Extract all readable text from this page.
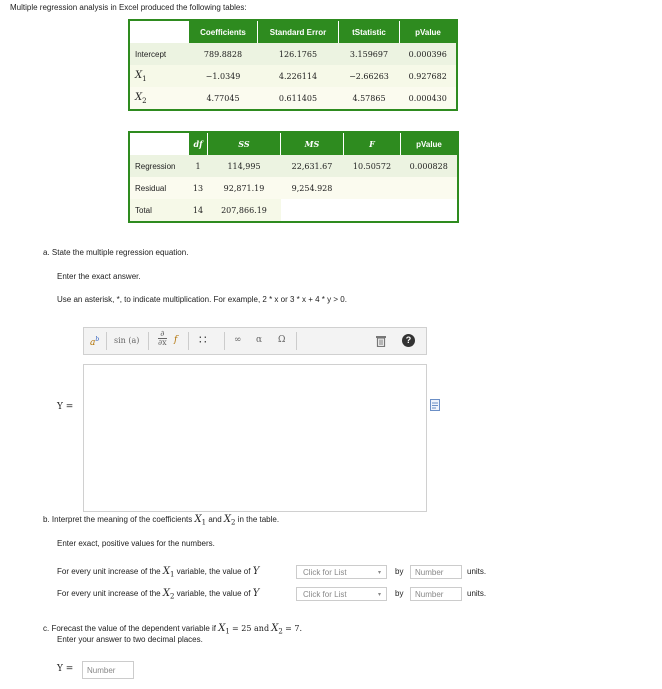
Multiple regression analysis in Excel produced the following tables:
	Coefficients	Standard Error	tStatistic	pValue
Intercept	789.8828	126.1765	3.159697	0.000396
$X_1$	−1.0349	4.226114	−2.66263	0.927682
$X_2$	4.77045	0.611405	4.57865	0.000430
	df	SS	MS	F	pValue
Regression	1	114,995	22,631.67	10.50572	0.000828
Residual	13	92,871.19	9,254.928		
Total	14	207,866.19			
a. State the multiple regression equation.
Enter the exact answer.
Use an asterisk, *, to indicate multiplication. For example, 2 * x or 3 * x + 4 * y > 0.
$a^b$ sin (a)
∂
∂x f ∷	∞ α Ω	?
Y =
b. Interpret the meaning of the coefficients $X_1$ and $X_2$ in the table.
Enter exact, positive values for the numbers.
For every unit increase of the $X_1$ variable, the value of Y	Click for List	▾ by	Number	units.
For every unit increase of the $X_2$ variable, the value of Y	Click for List	▾ by	Number	units.
c. Forecast the value of the dependent variable if $X_1 = 25$ and $X_2 = 7$.
Enter your answer to two decimal places.
Y =	Number
